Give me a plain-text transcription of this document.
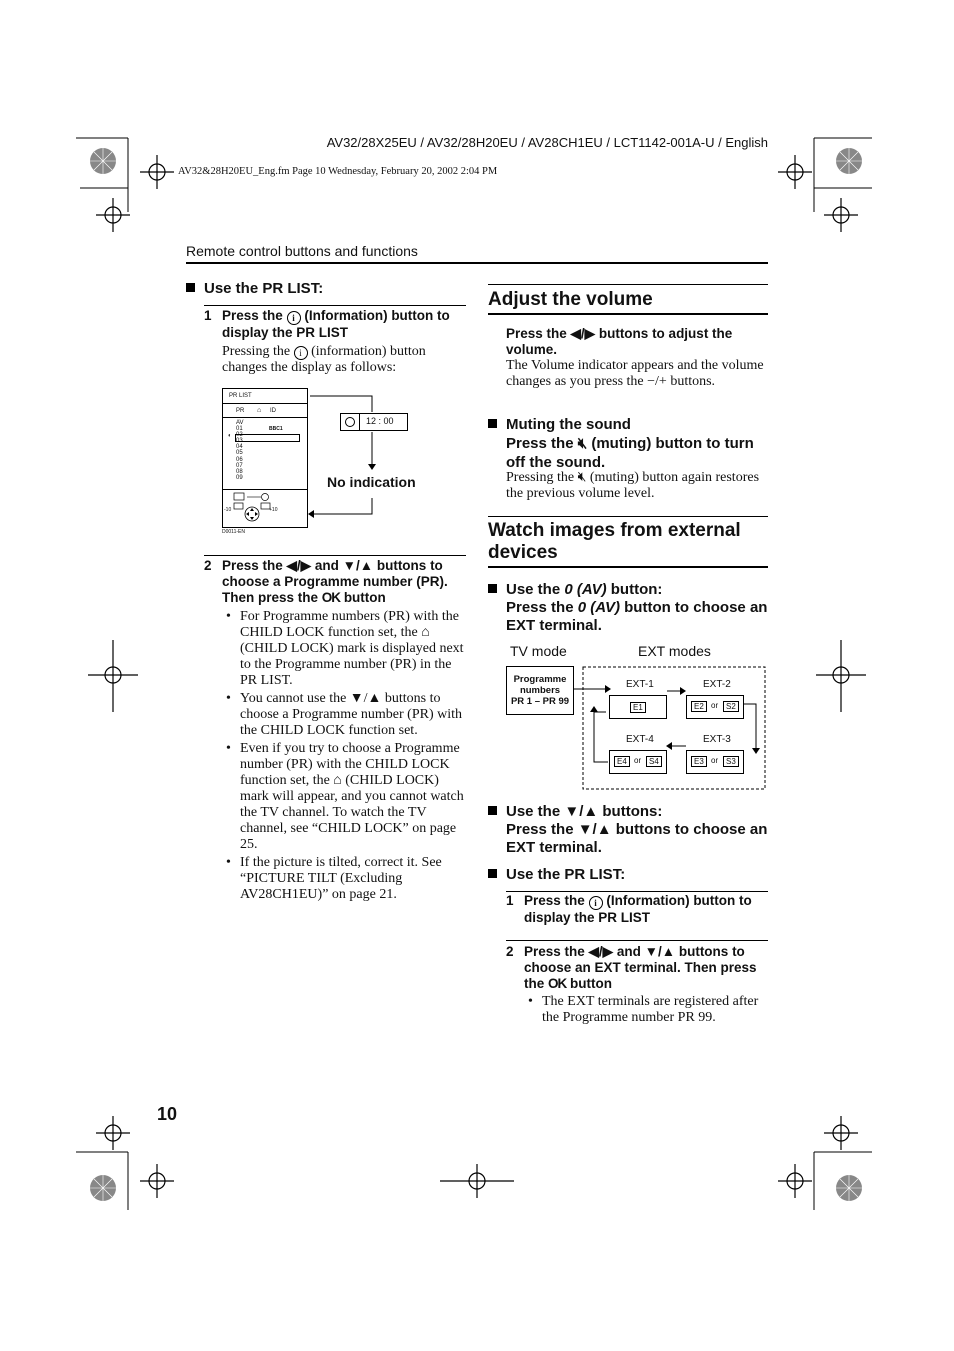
AV32/28X25EU / AV32/28H20EU / AV28CH1EU / LCT1142-001A-U / English
AV32&28H20EU_Eng.fm Page 10 Wednesday, February 20, 2002 2:04 PM
Remote control buttons and functions
Use the PR LIST:
1 Press the i (Information) button to display the PR LIST
Pressing the i (information) button changes the display as follows:
PR LIST
PR ⌂ ID
AV
01
02
03
04
05
06
07
08
09
◐
BBC1
-10	+10
D0011-EN
12 : 00
No indication
2 Press the ◀/▶ and ▼/▲ buttons to choose a Programme number (PR). Then press the OK button
• For Programme numbers (PR) with the CHILD LOCK function set, the ⌂ (CHILD LOCK) mark is displayed next to the Programme number (PR) in the PR LIST.
• You cannot use the ▼/▲ buttons to choose a Programme number (PR) with the CHILD LOCK function set.
• Even if you try to choose a Programme number (PR) with the CHILD LOCK function set, the ⌂ (CHILD LOCK) mark will appear, and you cannot watch the TV channel. To watch the TV channel, see “CHILD LOCK” on page 25.
• If the picture is tilted, correct it. See “PICTURE TILT (Excluding AV28CH1EU)” on page 21.
Adjust the volume
Press the ◀/▶ buttons to adjust the volume.
The Volume indicator appears and the volume changes as you press the −/+ buttons.
Muting the sound
Press the 🔇︎ (muting) button to turn off the sound.
Pressing the 🔇︎ (muting) button again restores the previous volume level.
Watch images from external devices
Use the 0 (AV) button:
Press the 0 (AV) button to choose an EXT terminal.
TV mode	EXT modes
Programme
numbers
PR 1 – PR 99
EXT-1	EXT-2
EXT-4	EXT-3
E1	E2 or S2
E4 or S4	E3 or S3
Use the ▼/▲ buttons:
Press the ▼/▲ buttons to choose an EXT terminal.
Use the PR LIST:
1 Press the i (Information) button to display the PR LIST
2 Press the ◀/▶ and ▼/▲ buttons to choose an EXT terminal. Then press the OK button
• The EXT terminals are registered after the Programme number PR 99.
10
